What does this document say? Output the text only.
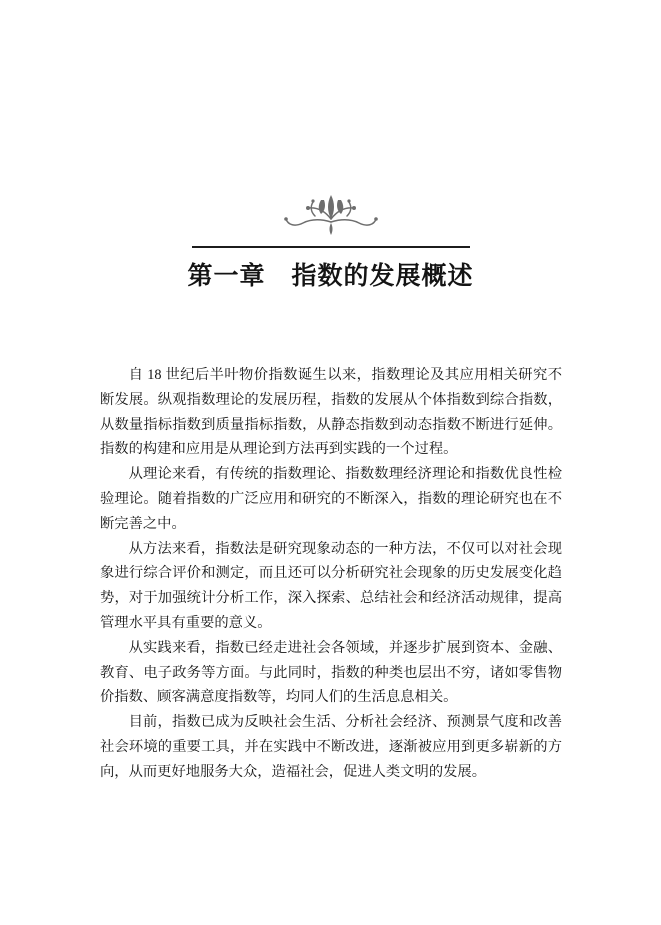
第一章　指数的发展概述

自 18 世纪后半叶物价指数诞生以来，指数理论及其应用相关研究不断发展。纵观指数理论的发展历程，指数的发展从个体指数到综合指数，从数量指标指数到质量指标指数，从静态指数到动态指数不断进行延伸。指数的构建和应用是从理论到方法再到实践的一个过程。

从理论来看，有传统的指数理论、指数数理经济理论和指数优良性检验理论。随着指数的广泛应用和研究的不断深入，指数的理论研究也在不断完善之中。

从方法来看，指数法是研究现象动态的一种方法，不仅可以对社会现象进行综合评价和测定，而且还可以分析研究社会现象的历史发展变化趋势，对于加强统计分析工作，深入探索、总结社会和经济活动规律，提高管理水平具有重要的意义。

从实践来看，指数已经走进社会各领域，并逐步扩展到资本、金融、教育、电子政务等方面。与此同时，指数的种类也层出不穷，诸如零售物价指数、顾客满意度指数等，均同人们的生活息息相关。

目前，指数已成为反映社会生活、分析社会经济、预测景气度和改善社会环境的重要工具，并在实践中不断改进，逐渐被应用到更多崭新的方向，从而更好地服务大众，造福社会，促进人类文明的发展。
